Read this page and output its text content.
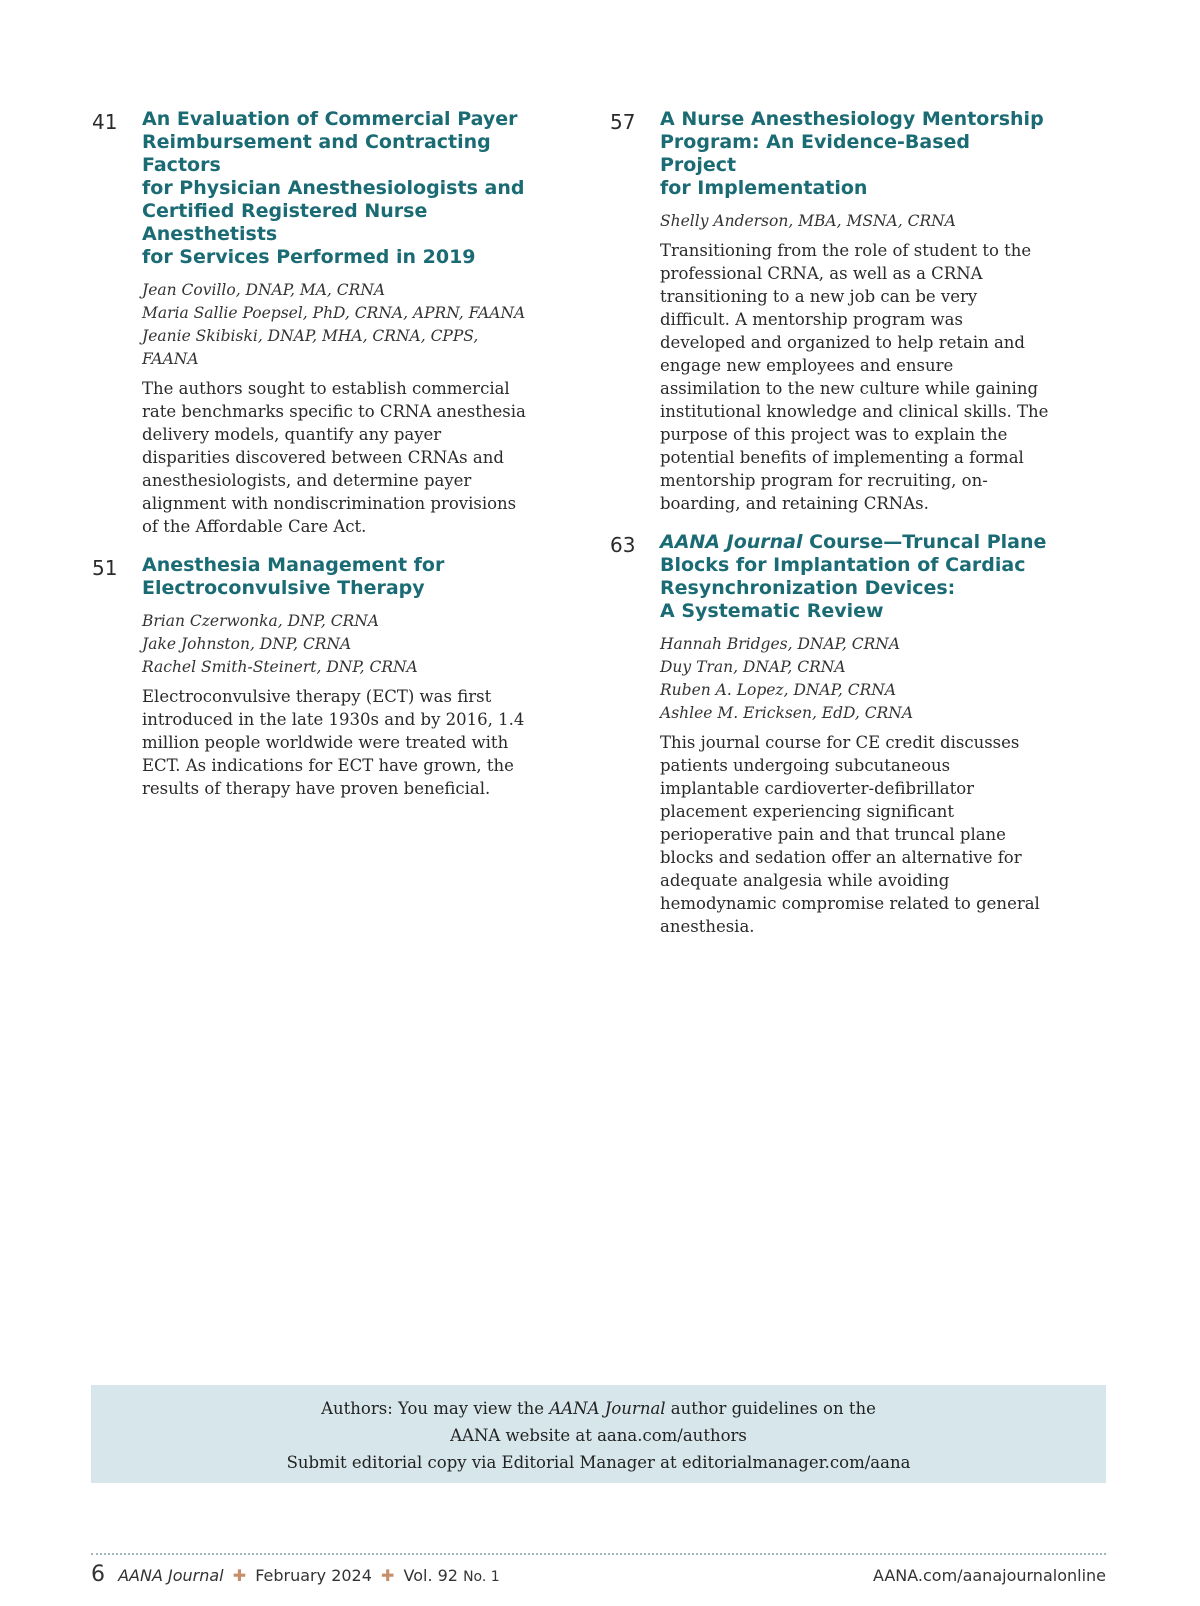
41 An Evaluation of Commercial Payer
Reimbursement and Contracting Factors
for Physician Anesthesiologists and
Certified Registered Nurse Anesthetists
for Services Performed in 2019
Jean Covillo, DNAP, MA, CRNA
Maria Sallie Poepsel, PhD, CRNA, APRN, FAANA
Jeanie Skibiski, DNAP, MHA, CRNA, CPPS, FAANA

The authors sought to establish commercial rate benchmarks specific to CRNA anesthesia delivery models, quantify any payer disparities discovered between CRNAs and anesthesiologists, and determine payer alignment with nondiscrimination provisions of the Affordable Care Act.

51 Anesthesia Management for
Electroconvulsive Therapy
Brian Czerwonka, DNP, CRNA
Jake Johnston, DNP, CRNA
Rachel Smith-Steinert, DNP, CRNA

Electroconvulsive therapy (ECT) was first introduced in the late 1930s and by 2016, 1.4 million people worldwide were treated with ECT. As indications for ECT have grown, the results of therapy have proven beneficial.

57 A Nurse Anesthesiology Mentorship
Program: An Evidence-Based Project
for Implementation
Shelly Anderson, MBA, MSNA, CRNA

Transitioning from the role of student to the professional CRNA, as well as a CRNA transitioning to a new job can be very difficult. A mentorship program was developed and organized to help retain and engage new employees and ensure assimilation to the new culture while gaining institutional knowledge and clinical skills. The purpose of this project was to explain the potential benefits of implementing a formal mentorship program for recruiting, on-boarding, and retaining CRNAs.

63 AANA Journal Course—Truncal Plane
Blocks for Implantation of Cardiac
Resynchronization Devices:
A Systematic Review
Hannah Bridges, DNAP, CRNA
Duy Tran, DNAP, CRNA
Ruben A. Lopez, DNAP, CRNA
Ashlee M. Ericksen, EdD, CRNA

This journal course for CE credit discusses patients undergoing subcutaneous implantable cardioverter-defibrillator placement experiencing significant perioperative pain and that truncal plane blocks and sedation offer an alternative for adequate analgesia while avoiding hemodynamic compromise related to general anesthesia.

Authors: You may view the AANA Journal author guidelines on the
AANA website at aana.com/authors
Submit editorial copy via Editorial Manager at editorialmanager.com/aana
6 AANA Journal ✚ February 2024 ✚ Vol. 92 No. 1	AANA.com/aanajournalonline
